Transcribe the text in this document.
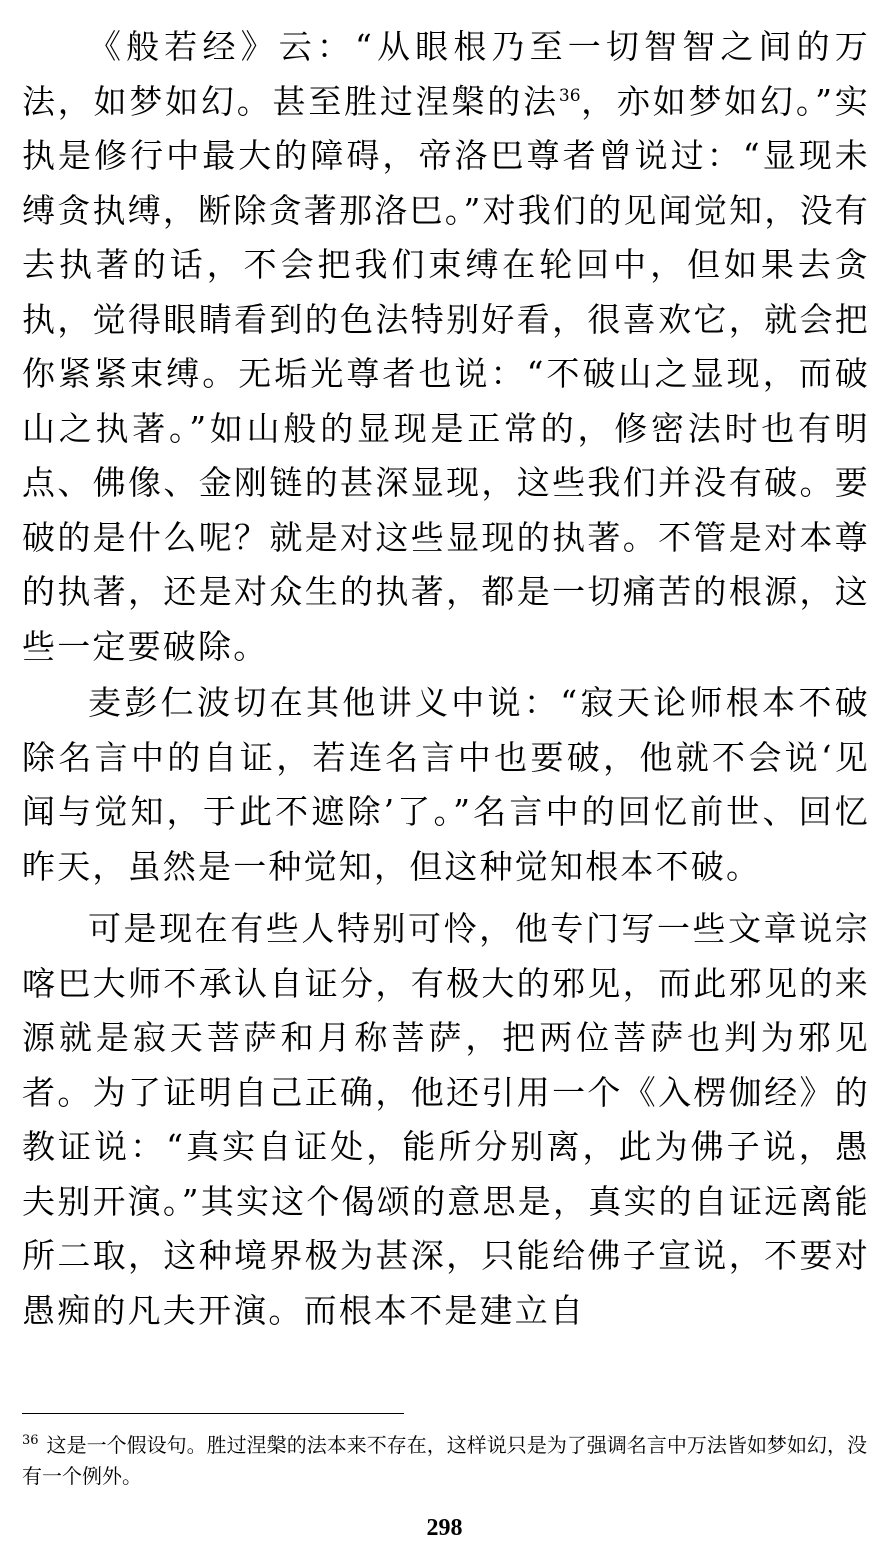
《般若经》云：“从眼根乃至一切智智之间的万法，如梦如幻。甚至胜过涅槃的法$^{36}$，亦如梦如幻。”实执是修行中最大的障碍，帝洛巴尊者曾说过：“显现未缚贪执缚，断除贪著那洛巴。”对我们的见闻觉知，没有去执著的话，不会把我们束缚在轮回中，但如果去贪执，觉得眼睛看到的色法特别好看，很喜欢它，就会把你紧紧束缚。无垢光尊者也说：“不破山之显现，而破山之执著。”如山般的显现是正常的，修密法时也有明点、佛像、金刚链的甚深显现，这些我们并没有破。要破的是什么呢？就是对这些显现的执著。不管是对本尊的执著，还是对众生的执著，都是一切痛苦的根源，这些一定要破除。

麦彭仁波切在其他讲义中说：“寂天论师根本不破除名言中的自证，若连名言中也要破，他就不会说‘见闻与觉知，于此不遮除’了。”名言中的回忆前世、回忆昨天，虽然是一种觉知，但这种觉知根本不破。

可是现在有些人特别可怜，他专门写一些文章说宗喀巴大师不承认自证分，有极大的邪见，而此邪见的来源就是寂天菩萨和月称菩萨，把两位菩萨也判为邪见者。为了证明自己正确，他还引用一个《入楞伽经》的教证说：“真实自证处，能所分别离，此为佛子说，愚夫别开演。”其实这个偈颂的意思是，真实的自证远离能所二取，这种境界极为甚深，只能给佛子宣说，不要对愚痴的凡夫开演。而根本不是建立自

$^{36}$ 这是一个假设句。胜过涅槃的法本来不存在，这样说只是为了强调名言中万法皆如梦如幻，没有一个例外。
298
